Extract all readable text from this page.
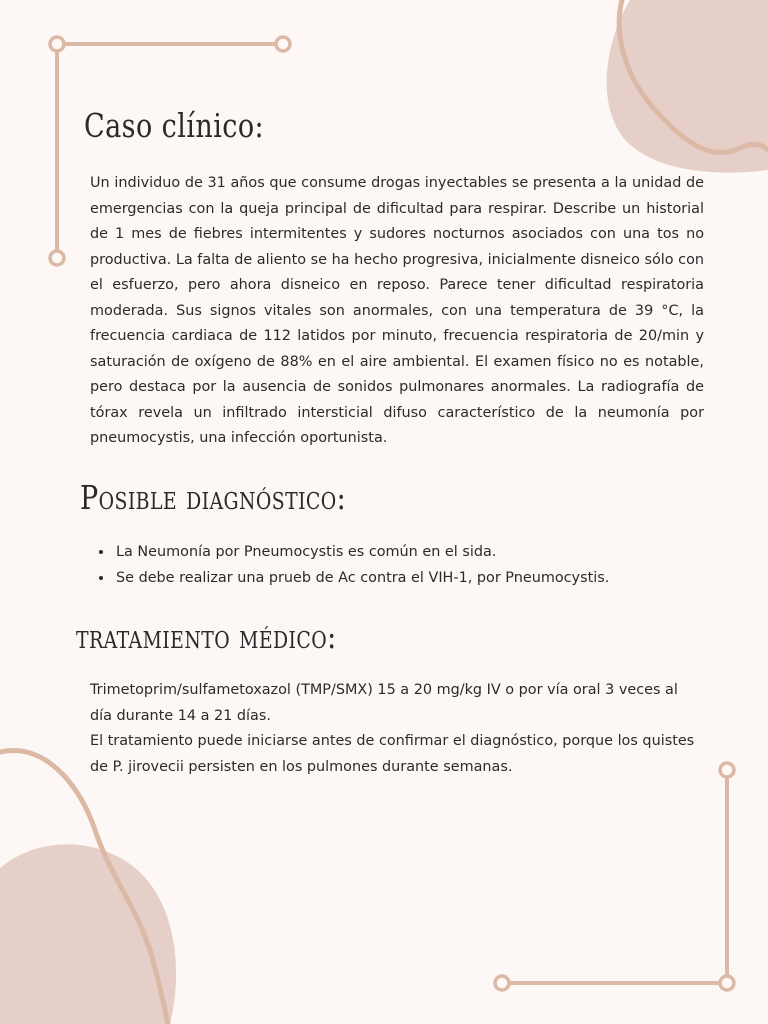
Caso clínico:

Un individuo de 31 años que consume drogas inyectables se presenta a la unidad de emergencias con la queja principal de dificultad para respirar. Describe un historial de 1 mes de fiebres intermitentes y sudores nocturnos asociados con una tos no productiva. La falta de aliento se ha hecho progresiva, inicialmente disneico sólo con el esfuerzo, pero ahora disneico en reposo. Parece tener dificultad respiratoria moderada. Sus signos vitales son anormales, con una temperatura de 39 °C, la frecuencia cardiaca de 112 latidos por minuto, frecuencia respiratoria de 20/min y saturación de oxígeno de 88% en el aire ambiental. El examen físico no es notable, pero destaca por la ausencia de sonidos pulmonares anormales. La radiografía de tórax revela un infiltrado intersticial difuso característico de la neumonía por pneumocystis, una infección oportunista.

Posible diagnóstico:
• La Neumonía por Pneumocystis es común en el sida.
• Se debe realizar una prueb de Ac contra el VIH-1, por Pneumocystis.
tratamiento médico:

Trimetoprim/sulfametoxazol (TMP/SMX) 15 a 20 mg/kg IV o por vía oral 3 veces al día durante 14 a 21 días.

El tratamiento puede iniciarse antes de confirmar el diagnóstico, porque los quistes de P. jirovecii persisten en los pulmones durante semanas.
